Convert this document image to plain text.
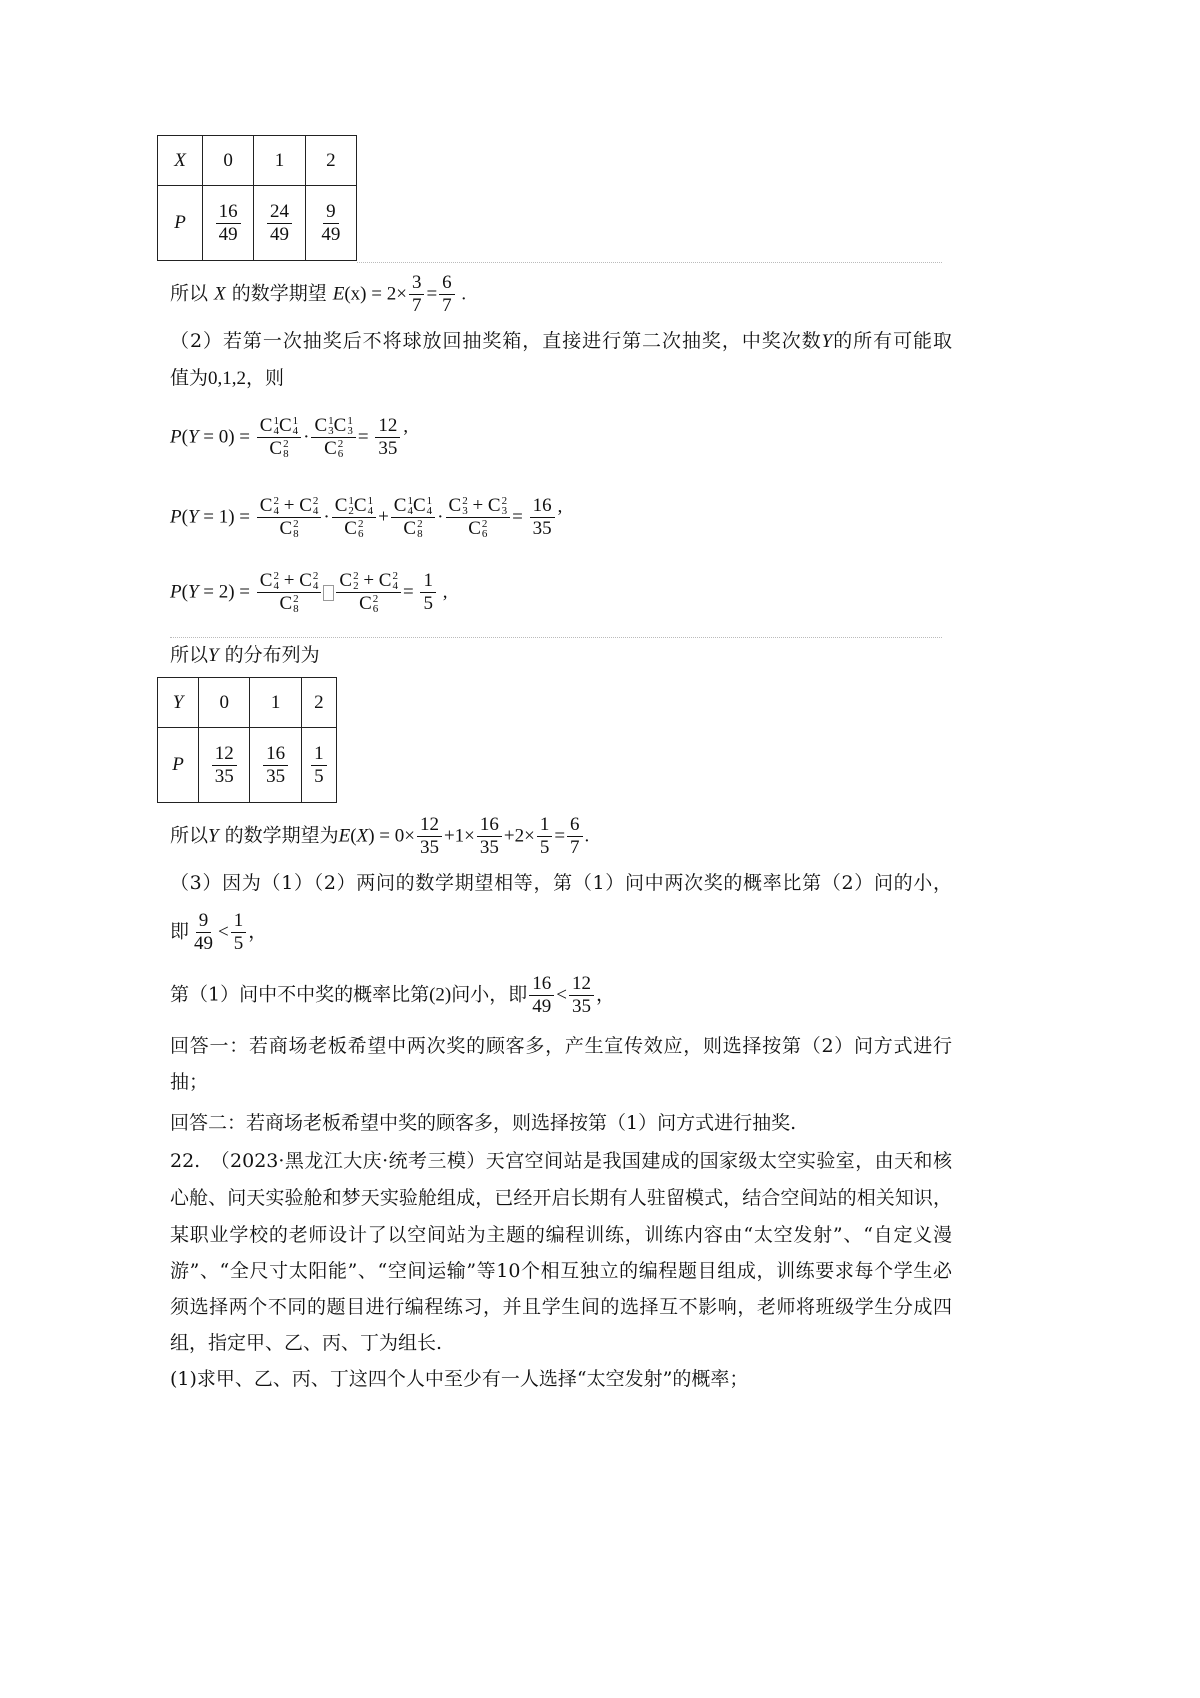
X	0	1	2
P	$\frac{16}{49}$	$\frac{24}{49}$	$\frac{9}{49}$
所以 X 的数学期望 $E(x) = 2\times \frac{3}{7} = \frac{6}{7}$ .
（2）若第一次抽奖后不将球放回抽奖箱，直接进行第二次抽奖，中奖次数Y的所有可能取
值为0,1,2，则
P(Y = 0) = C 1
4 C 1
4
C 2
8 · C 1
3 C 1
3
C 2
$6 = \frac{12}{35}$ ’
P(Y = 1) = C 2
4 + C 2
4
C 2
8 · C 1
2 C 1
4
C 2
6 + C 1
4 C 1
4
C 2
8 · C 2
3 + C 2
3
C 2
$6 = \frac{16}{35}$ ’
P(Y = 2) = C 2
4 + C 2
4
C 2
8 C 2
2 + C 2
4
C 2
$6 = \frac{1}{5}$ ,
所以Y 的分布列为
Y	0	1	2
P	$\frac{12}{35}$	$\frac{16}{35}$	$\frac{1}{5}$
所以Y 的数学期望为$E(X) = 0\times \frac{12}{35} +1\times \frac{16}{35} +2\times \frac{1}{5} = \frac{6}{7}$ .
（3）因为（1）（2）两问的数学期望相等，第（1）问中两次奖的概率比第（2）问的小，
即 $\frac{9}{49} < \frac{1}{5}$ ，
第（1）问中不中奖的概率比第(2)问小，即 $\frac{16}{49} < \frac{12}{35}$ ，
回答一：若商场老板希望中两次奖的顾客多，产生宣传效应，则选择按第（2）问方式进行
抽；
回答二：若商场老板希望中奖的顾客多，则选择按第（1）问方式进行抽奖.
22.　（2023·黑龙江大庆·统考三模）天宫空间站是我国建成的国家级太空实验室，由天和核
心舱、问天实验舱和梦天实验舱组成，已经开启长期有人驻留模式，结合空间站的相关知识，
某职业学校的老师设计了以空间站为主题的编程训练，训练内容由“太空发射”、“自定义漫
游”、“全尺寸太阳能”、“空间运输”等10个相互独立的编程题目组成，训练要求每个学生必
须选择两个不同的题目进行编程练习，并且学生间的选择互不影响，老师将班级学生分成四
组，指定甲、乙、丙、丁为组长.
(1)求甲、乙、丙、丁这四个人中至少有一人选择“太空发射”的概率；
